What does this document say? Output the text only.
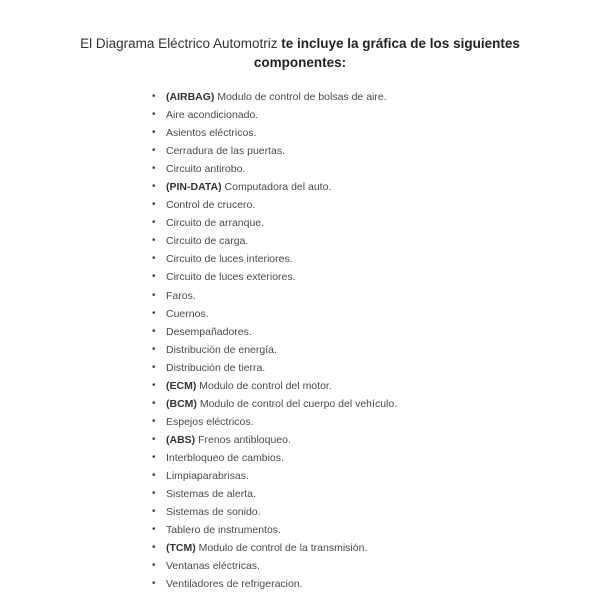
El Diagrama Eléctrico Automotriz te incluye la gráfica de los siguientes componentes:
• (AIRBAG) Modulo de control de bolsas de aire.
• Aire acondicionado.
• Asientos eléctricos.
• Cerradura de las puertas.
• Circuito antirobo.
• (PIN-DATA) Computadora del auto.
• Control de crucero.
• Circuito de arranque.
• Circuito de carga.
• Circuito de luces interiores.
• Circuito de luces exteriores.
• Faros.
• Cuernos.
• Desempañadores.
• Distribución de energía.
• Distribución de tierra.
• (ECM) Modulo de control del motor.
• (BCM) Modulo de control del cuerpo del vehículo.
• Espejos eléctricos.
• (ABS) Frenos antibloqueo.
• Interbloqueo de cambios.
• Limpiaparabrisas.
• Sistemas de alerta.
• Sistemas de sonido.
• Tablero de instrumentos.
• (TCM) Modulo de control de la transmisión.
• Ventanas eléctricas.
• Ventiladores de refrigeracion.
